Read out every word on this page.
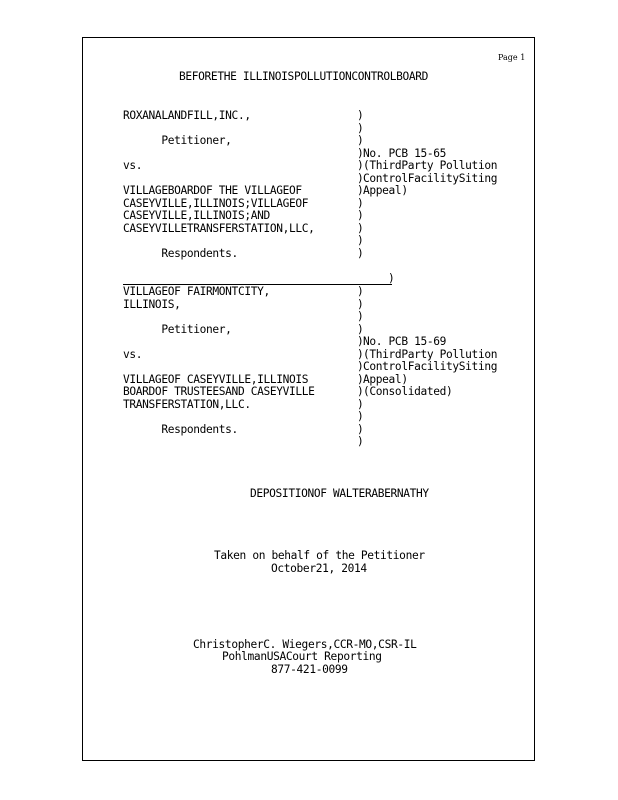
Page 1
BEFORETHE ILLINOISPOLLUTIONCONTROLBOARD
ROXANALANDFILL,INC.,
Petitioner,
vs.
VILLAGEBOARDOF THE VILLAGEOF
CASEYVILLE,ILLINOIS;VILLAGEOF
CASEYVILLE,ILLINOIS;AND
CASEYVILLETRANSFERSTATION,LLC,
Respondents.
)
)
)
)
)
)
)
)
)
)
)
)
No. PCB 15-65
(ThirdParty Pollution
ControlFacilitySiting
Appeal)
)
VILLAGEOF FAIRMONTCITY,
ILLINOIS,
Petitioner,
vs.
VILLAGEOF CASEYVILLE,ILLINOIS
BOARDOF TRUSTEESAND CASEYVILLE
TRANSFERSTATION,LLC.
Respondents.
)
)
)
)
)
)
)
)
)
)
)
)
)
No. PCB 15-69
(ThirdParty Pollution
ControlFacilitySiting
Appeal)
(Consolidated)
DEPOSITIONOF WALTERABERNATHY
Taken on behalf of the Petitioner
October21, 2014
ChristopherC. Wiegers,CCR-MO,CSR-IL
PohlmanUSACourt Reporting
877-421-0099
